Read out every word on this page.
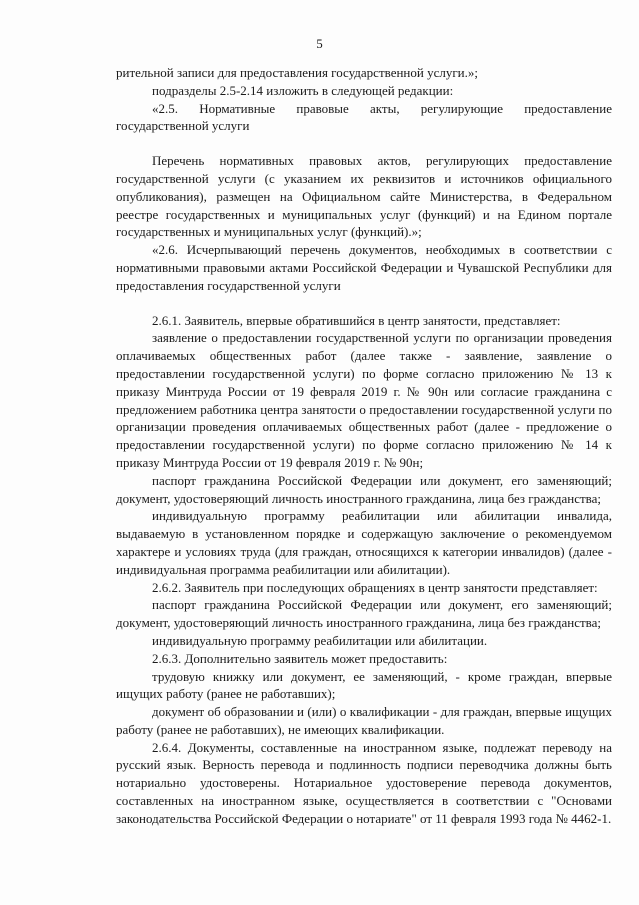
5

рительной записи для предоставления государственной услуги.»;

подразделы 2.5-2.14 изложить в следующей редакции:

«2.5. Нормативные правовые акты, регулирующие предоставление государственной услуги

Перечень нормативных правовых актов, регулирующих предоставление государственной услуги (с указанием их реквизитов и источников официального опубликования), размещен на Официальном сайте Министерства, в Федеральном реестре государственных и муниципальных услуг (функций) и на Едином портале государственных и муниципальных услуг (функций).»;

«2.6. Исчерпывающий перечень документов, необходимых в соответствии с нормативными правовыми актами Российской Федерации и Чувашской Республики для предоставления государственной услуги

2.6.1. Заявитель, впервые обратившийся в центр занятости, представляет:

заявление о предоставлении государственной услуги по организации проведения оплачиваемых общественных работ (далее также - заявление, заявление о предоставлении государственной услуги) по форме согласно приложению № 13 к приказу Минтруда России от 19 февраля 2019 г. № 90н или согласие гражданина с предложением работника центра занятости о предоставлении государственной услуги по организации проведения оплачиваемых общественных работ (далее - предложение о предоставлении государственной услуги) по форме согласно приложению № 14 к приказу Минтруда России от 19 февраля 2019 г. № 90н;

паспорт гражданина Российской Федерации или документ, его заменяющий; документ, удостоверяющий личность иностранного гражданина, лица без гражданства;

индивидуальную программу реабилитации или абилитации инвалида, выдаваемую в установленном порядке и содержащую заключение о рекомендуемом характере и условиях труда (для граждан, относящихся к категории инвалидов) (далее - индивидуальная программа реабилитации или абилитации).

2.6.2. Заявитель при последующих обращениях в центр занятости представляет:

паспорт гражданина Российской Федерации или документ, его заменяющий; документ, удостоверяющий личность иностранного гражданина, лица без гражданства;

индивидуальную программу реабилитации или абилитации.

2.6.3. Дополнительно заявитель может предоставить:

трудовую книжку или документ, ее заменяющий, - кроме граждан, впервые ищущих работу (ранее не работавших);

документ об образовании и (или) о квалификации - для граждан, впервые ищущих работу (ранее не работавших), не имеющих квалификации.

2.6.4. Документы, составленные на иностранном языке, подлежат переводу на русский язык. Верность перевода и подлинность подписи переводчика должны быть нотариально удостоверены. Нотариальное удостоверение перевода документов, составленных на иностранном языке, осуществляется в соответствии с "Основами законодательства Российской Федерации о нотариате" от 11 февраля 1993 года № 4462-1.
